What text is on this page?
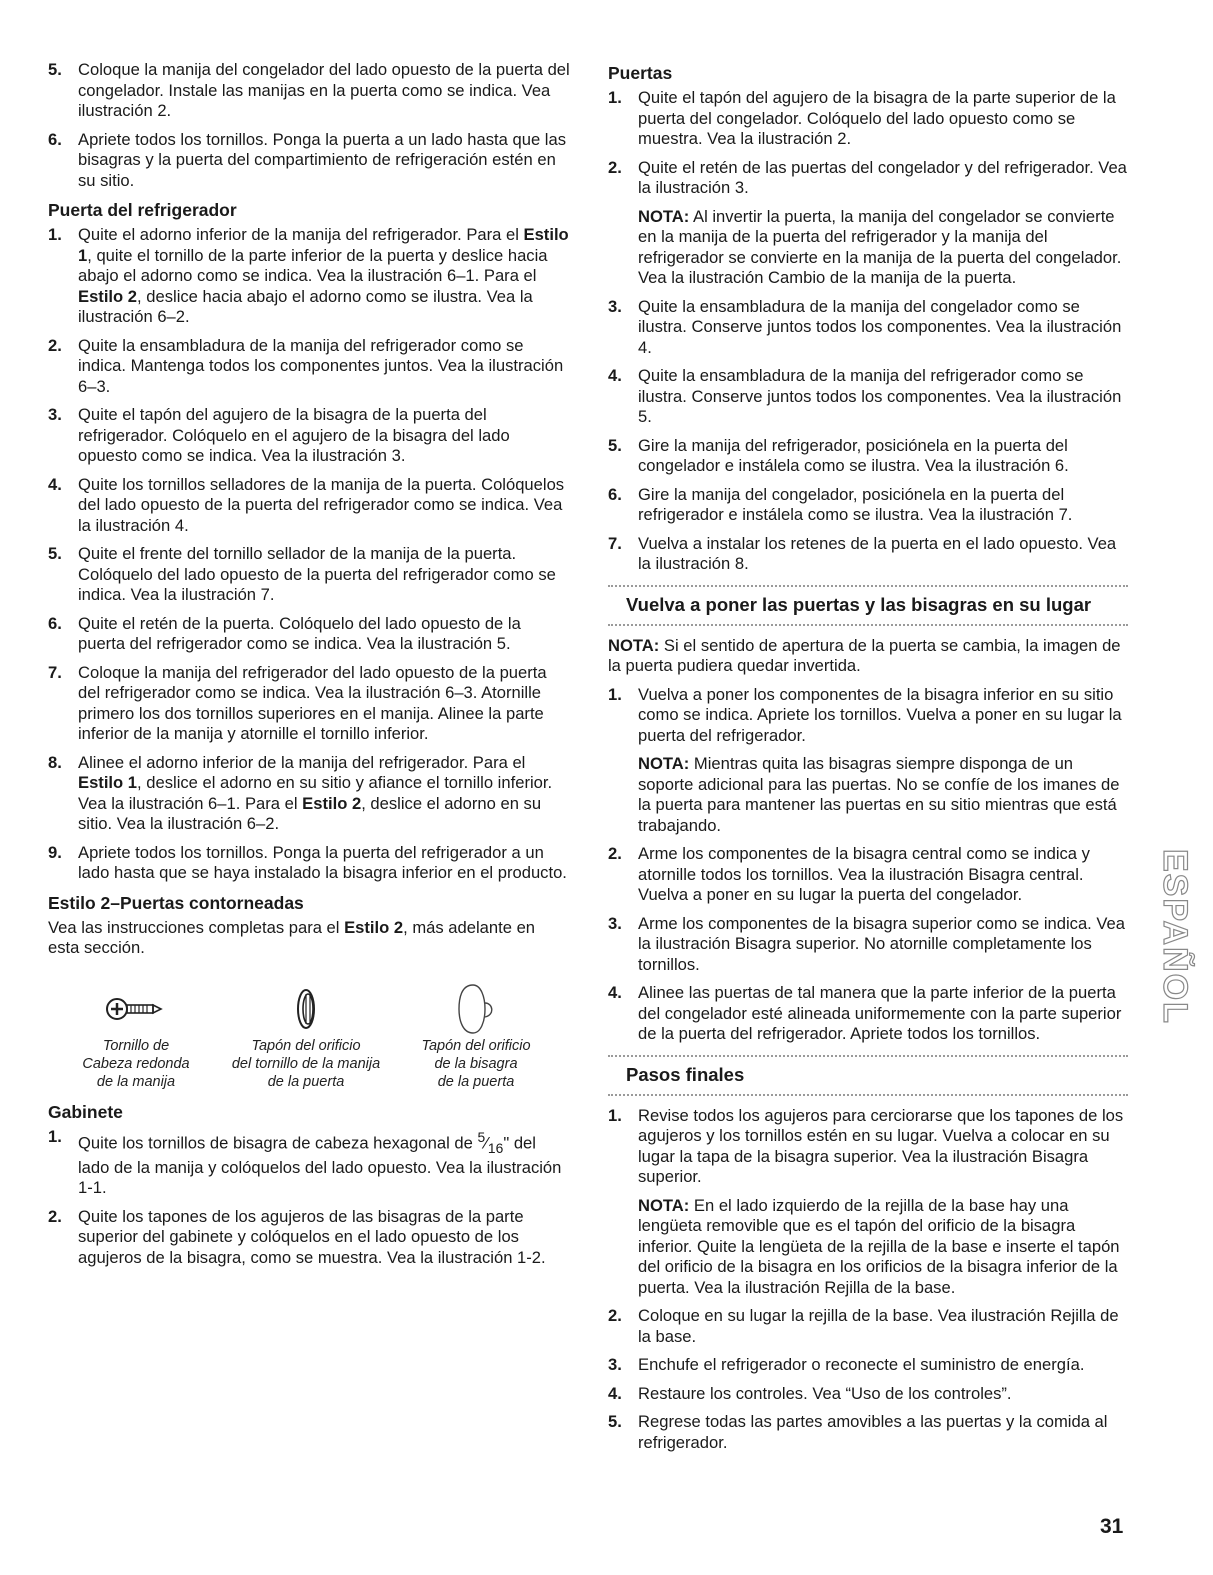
5. Coloque la manija del congelador del lado opuesto de la puerta del congelador. Instale las manijas en la puerta como se indica. Vea ilustración 2.
6. Apriete todos los tornillos. Ponga la puerta a un lado hasta que las bisagras y la puerta del compartimiento de refrigeración estén en su sitio.
Puerta del refrigerador
1. Quite el adorno inferior de la manija del refrigerador. Para el Estilo 1, quite el tornillo de la parte inferior de la puerta y deslice hacia abajo el adorno como se indica. Vea la ilustración 6–1. Para el Estilo 2, deslice hacia abajo el adorno como se ilustra. Vea la ilustración 6–2.
2. Quite la ensambladura de la manija del refrigerador como se indica. Mantenga todos los componentes juntos. Vea la ilustración 6–3.
3. Quite el tapón del agujero de la bisagra de la puerta del refrigerador. Colóquelo en el agujero de la bisagra del lado opuesto como se indica. Vea la ilustración 3.
4. Quite los tornillos selladores de la manija de la puerta. Colóquelos del lado opuesto de la puerta del refrigerador como se indica. Vea la ilustración 4.
5. Quite el frente del tornillo sellador de la manija de la puerta. Colóquelo del lado opuesto de la puerta del refrigerador como se indica. Vea la ilustración 7.
6. Quite el retén de la puerta. Colóquelo del lado opuesto de la puerta del refrigerador como se indica. Vea la ilustración 5.
7. Coloque la manija del refrigerador del lado opuesto de la puerta del refrigerador como se indica. Vea la ilustración 6–3. Atornille primero los dos tornillos superiores en el manija. Alinee la parte inferior de la manija y atornille el tornillo inferior.
8. Alinee el adorno inferior de la manija del refrigerador. Para el Estilo 1, deslice el adorno en su sitio y afiance el tornillo inferior. Vea la ilustración 6–1. Para el Estilo 2, deslice el adorno en su sitio. Vea la ilustración 6–2.
9. Apriete todos los tornillos. Ponga la puerta del refrigerador a un lado hasta que se haya instalado la bisagra inferior en el producto.
Estilo 2–Puertas contorneadas
Vea las instrucciones completas para el Estilo 2, más adelante en esta sección.
Tornillo de
Cabeza redonda
de la manija
Tapón del orificio
del tornillo de la manija
de la puerta
Tapón del orificio
de la bisagra
de la puerta
Gabinete
1. Quite los tornillos de bisagra de cabeza hexagonal de $^5⁄_{16}$" del lado de la manija y colóquelos del lado opuesto. Vea la ilustración 1-1.
2. Quite los tapones de los agujeros de las bisagras de la parte superior del gabinete y colóquelos en el lado opuesto de los agujeros de la bisagra, como se muestra. Vea la ilustración 1-2.
Puertas
1. Quite el tapón del agujero de la bisagra de la parte superior de la puerta del congelador. Colóquelo del lado opuesto como se muestra. Vea la ilustración 2.
2. Quite el retén de las puertas del congelador y del refrigerador. Vea la ilustración 3.
NOTA: Al invertir la puerta, la manija del congelador se convierte en la manija de la puerta del refrigerador y la manija del refrigerador se convierte en la manija de la puerta del congelador. Vea la ilustración Cambio de la manija de la puerta.
3. Quite la ensambladura de la manija del congelador como se ilustra. Conserve juntos todos los componentes. Vea la ilustración 4.
4. Quite la ensambladura de la manija del refrigerador como se ilustra. Conserve juntos todos los componentes. Vea la ilustración 5.
5. Gire la manija del refrigerador, posiciónela en la puerta del congelador e instálela como se ilustra. Vea la ilustración 6.
6. Gire la manija del congelador, posiciónela en la puerta del refrigerador e instálela como se ilustra. Vea la ilustración 7.
7. Vuelva a instalar los retenes de la puerta en el lado opuesto. Vea la ilustración 8.
Vuelva a poner las puertas y las bisagras en su lugar
NOTA: Si el sentido de apertura de la puerta se cambia, la imagen de la puerta pudiera quedar invertida.
1. Vuelva a poner los componentes de la bisagra inferior en su sitio como se indica. Apriete los tornillos. Vuelva a poner en su lugar la puerta del refrigerador.
NOTA: Mientras quita las bisagras siempre disponga de un soporte adicional para las puertas. No se confíe de los imanes de la puerta para mantener las puertas en su sitio mientras que está trabajando.
2. Arme los componentes de la bisagra central como se indica y atornille todos los tornillos. Vea la ilustración Bisagra central. Vuelva a poner en su lugar la puerta del congelador.
3. Arme los componentes de la bisagra superior como se indica. Vea la ilustración Bisagra superior. No atornille completamente los tornillos.
4. Alinee las puertas de tal manera que la parte inferior de la puerta del congelador esté alineada uniformemente con la parte superior de la puerta del refrigerador. Apriete todos los tornillos.
Pasos finales
1. Revise todos los agujeros para cerciorarse que los tapones de los agujeros y los tornillos estén en su lugar. Vuelva a colocar en su lugar la tapa de la bisagra superior. Vea la ilustración Bisagra superior.
NOTA: En el lado izquierdo de la rejilla de la base hay una lengüeta removible que es el tapón del orificio de la bisagra inferior. Quite la lengüeta de la rejilla de la base e inserte el tapón del orificio de la bisagra en los orificios de la bisagra inferior de la puerta. Vea la ilustración Rejilla de la base.
2. Coloque en su lugar la rejilla de la base. Vea ilustración Rejilla de la base.
3. Enchufe el refrigerador o reconecte el suministro de energía.
4. Restaure los controles. Vea “Uso de los controles”.
5. Regrese todas las partes amovibles a las puertas y la comida al refrigerador.
ESPAÑOL
31
